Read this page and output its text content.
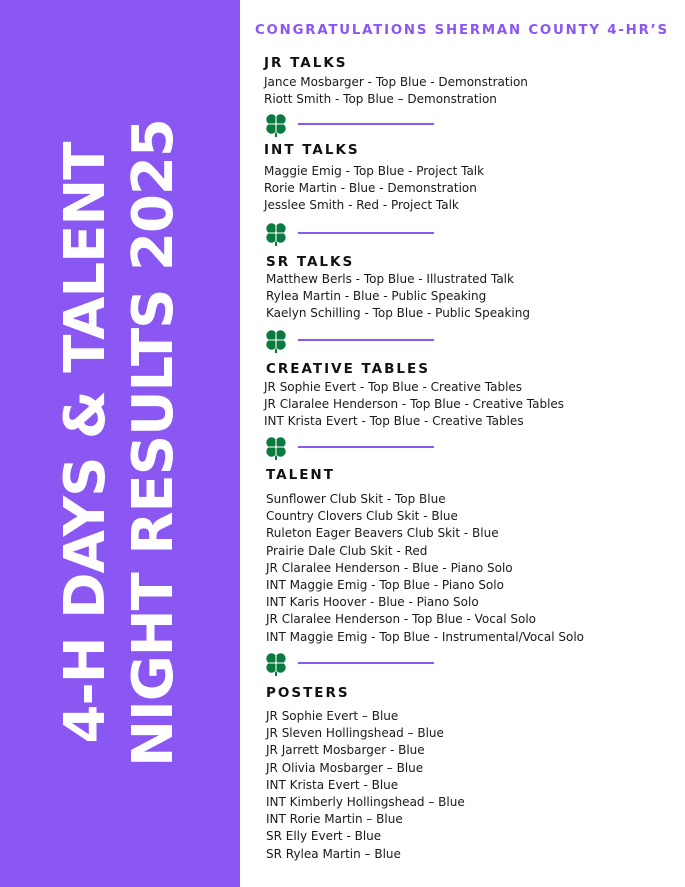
4-H DAYS & TALENT NIGHT RESULTS 2025
CONGRATULATIONS SHERMAN COUNTY 4-HR’S
JR TALKS
Jance Mosbarger - Top Blue - Demonstration
Riott Smith - Top Blue – Demonstration
INT TALKS
Maggie Emig - Top Blue - Project Talk
Rorie Martin - Blue - Demonstration
Jesslee Smith - Red - Project Talk
SR TALKS
Matthew Berls - Top Blue - Illustrated Talk
Rylea Martin - Blue - Public Speaking
Kaelyn Schilling - Top Blue - Public Speaking
CREATIVE TABLES
JR Sophie Evert - Top Blue - Creative Tables
JR Claralee Henderson - Top Blue - Creative Tables
INT Krista Evert - Top Blue - Creative Tables
TALENT
Sunflower Club Skit - Top Blue
Country Clovers Club Skit - Blue
Ruleton Eager Beavers Club Skit - Blue
Prairie Dale Club Skit - Red
JR Claralee Henderson - Blue - Piano Solo
INT Maggie Emig - Top Blue - Piano Solo
INT Karis Hoover - Blue - Piano Solo
JR Claralee Henderson - Top Blue - Vocal Solo
INT Maggie Emig - Top Blue - Instrumental/Vocal Solo
POSTERS
JR Sophie Evert – Blue
JR Sleven Hollingshead – Blue
JR Jarrett Mosbarger - Blue
JR Olivia Mosbarger – Blue
INT Krista Evert - Blue
INT Kimberly Hollingshead – Blue
INT Rorie Martin – Blue
SR Elly Evert - Blue
SR Rylea Martin – Blue
